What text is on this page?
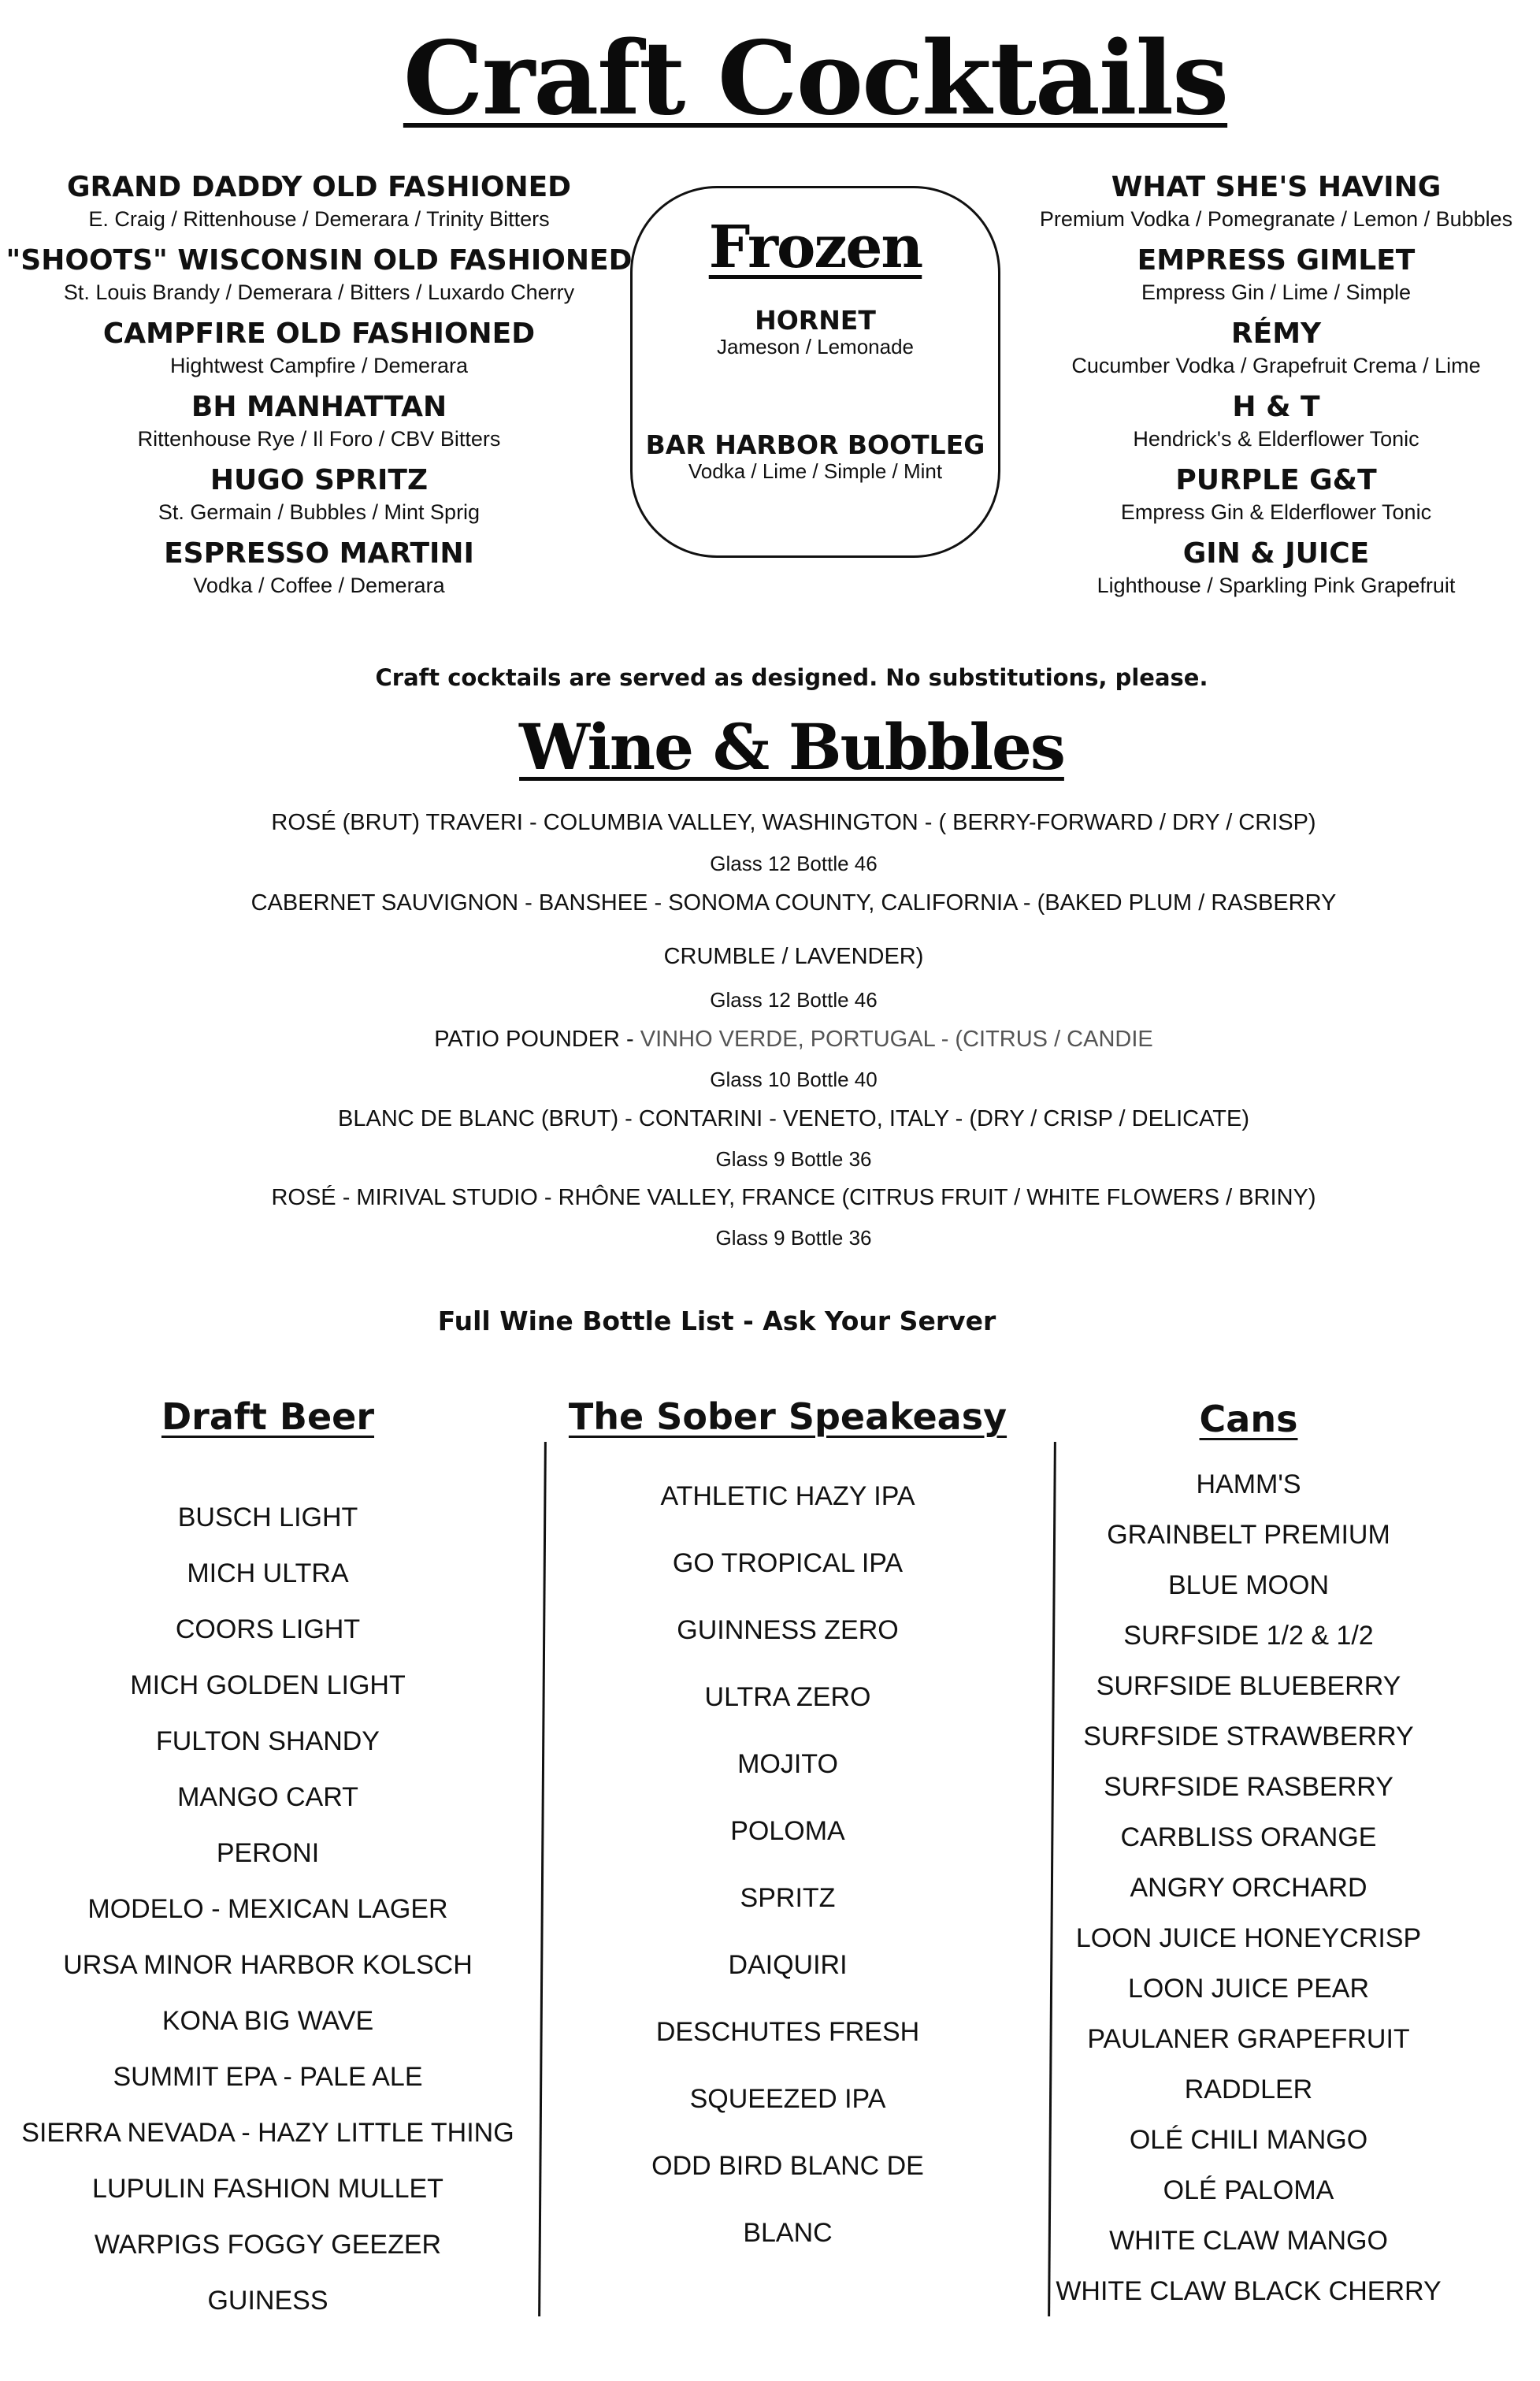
Craft Cocktails
GRAND DADDY OLD FASHIONED
E. Craig / Rittenhouse / Demerara / Trinity Bitters
"SHOOTS" WISCONSIN OLD FASHIONED
St. Louis Brandy / Demerara / Bitters / Luxardo Cherry
CAMPFIRE OLD FASHIONED
Hightwest Campfire / Demerara
BH MANHATTAN
Rittenhouse Rye / Il Foro / CBV Bitters
HUGO SPRITZ
St. Germain / Bubbles / Mint Sprig
ESPRESSO MARTINI
Vodka / Coffee / Demerara
Frozen
HORNET
Jameson / Lemonade
BAR HARBOR BOOTLEG
Vodka / Lime / Simple / Mint
WHAT SHE'S HAVING
Premium Vodka / Pomegranate / Lemon / Bubbles
EMPRESS GIMLET
Empress Gin / Lime / Simple
RÉMY
Cucumber Vodka / Grapefruit Crema / Lime
H & T
Hendrick's & Elderflower Tonic
PURPLE G&T
Empress Gin & Elderflower Tonic
GIN & JUICE
Lighthouse / Sparkling Pink Grapefruit
Craft cocktails are served as designed. No substitutions, please.
Wine & Bubbles
ROSÉ (BRUT) TRAVERI - COLUMBIA VALLEY, WASHINGTON - ( BERRY-FORWARD / DRY / CRISP)
Glass 12 Bottle 46
CABERNET SAUVIGNON - BANSHEE - SONOMA COUNTY, CALIFORNIA - (BAKED PLUM / RASBERRY
CRUMBLE / LAVENDER)
Glass 12 Bottle 46
PATIO POUNDER - VINHO VERDE, PORTUGAL - (CITRUS / CANDIE
Glass 10 Bottle 40
BLANC DE BLANC (BRUT) - CONTARINI - VENETO, ITALY - (DRY / CRISP / DELICATE)
Glass 9 Bottle 36
ROSÉ - MIRIVAL STUDIO - RHÔNE VALLEY, FRANCE (CITRUS FRUIT / WHITE FLOWERS / BRINY)
Glass 9 Bottle 36
Full Wine Bottle List - Ask Your Server
Draft Beer
BUSCH LIGHT
MICH ULTRA
COORS LIGHT
MICH GOLDEN LIGHT
FULTON SHANDY
MANGO CART
PERONI
MODELO - MEXICAN LAGER
URSA MINOR HARBOR KOLSCH
KONA BIG WAVE
SUMMIT EPA - PALE ALE
SIERRA NEVADA - HAZY LITTLE THING
LUPULIN FASHION MULLET
WARPIGS FOGGY GEEZER
GUINESS
The Sober Speakeasy
ATHLETIC HAZY IPA
GO TROPICAL IPA
GUINNESS ZERO
ULTRA ZERO
MOJITO
POLOMA
SPRITZ
DAIQUIRI
DESCHUTES FRESH
SQUEEZED IPA
ODD BIRD BLANC DE
BLANC
Cans
HAMM'S
GRAINBELT PREMIUM
BLUE MOON
SURFSIDE 1/2 & 1/2
SURFSIDE BLUEBERRY
SURFSIDE STRAWBERRY
SURFSIDE RASBERRY
CARBLISS ORANGE
ANGRY ORCHARD
LOON JUICE HONEYCRISP
LOON JUICE PEAR
PAULANER GRAPEFRUIT
RADDLER
OLÉ CHILI MANGO
OLÉ PALOMA
WHITE CLAW MANGO
WHITE CLAW BLACK CHERRY
